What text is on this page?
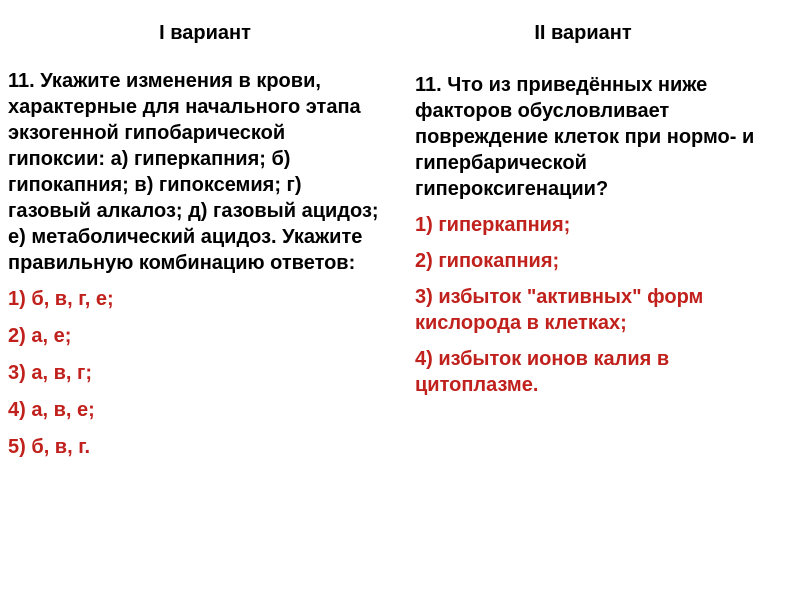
I вариант	II вариант
11. Укажите изменения в крови, характерные для начального этапа экзогенной гипобарической гипоксии: а) гиперкапния; б) гипокапния; в) гипоксемия; г) газовый алкалоз; д) газовый ацидоз; е) метаболический ацидоз. Укажите правильную комбинацию ответов:
1) б, в, г, е;
2) а, е;
3) а, в, г;
4) а, в, е;
5) б, в, г.
11. Что из приведённых ниже факторов обусловливает повреждение клеток при нормо- и гипербарической гипероксигенации?
1) гиперкапния;
2) гипокапния;
3) избыток "активных" форм кислорода в клетках;
4) избыток ионов калия в цитоплазме.
